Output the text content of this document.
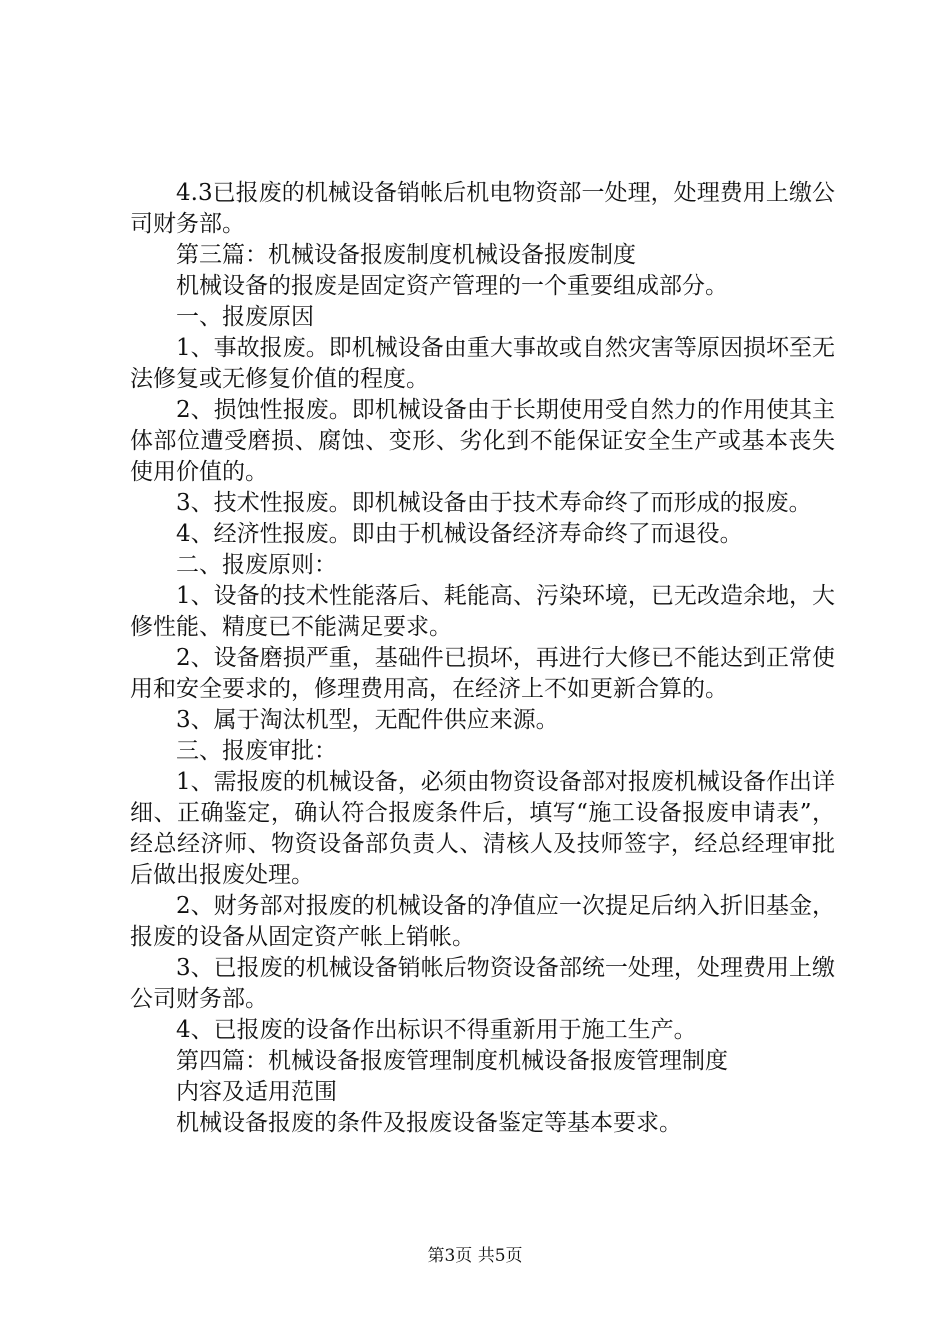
4.3已报废的机械设备销帐后机电物资部一处理，处理费用上缴公司财务部。

第三篇：机械设备报废制度机械设备报废制度

机械设备的报废是固定资产管理的一个重要组成部分。

一、报废原因

1、事故报废。即机械设备由重大事故或自然灾害等原因损坏至无法修复或无修复价值的程度。

2、损蚀性报废。即机械设备由于长期使用受自然力的作用使其主体部位遭受磨损、腐蚀、变形、劣化到不能保证安全生产或基本丧失使用价值的。

3、技术性报废。即机械设备由于技术寿命终了而形成的报废。

4、经济性报废。即由于机械设备经济寿命终了而退役。

二、报废原则：

1、设备的技术性能落后、耗能高、污染环境，已无改造余地，大修性能、精度已不能满足要求。

2、设备磨损严重，基础件已损坏，再进行大修已不能达到正常使用和安全要求的，修理费用高，在经济上不如更新合算的。

3、属于淘汰机型，无配件供应来源。

三、报废审批：

1、需报废的机械设备，必须由物资设备部对报废机械设备作出详细、正确鉴定，确认符合报废条件后，填写“施工设备报废申请表”，经总经济师、物资设备部负责人、清核人及技师签字，经总经理审批后做出报废处理。

2、财务部对报废的机械设备的净值应一次提足后纳入折旧基金，报废的设备从固定资产帐上销帐。

3、已报废的机械设备销帐后物资设备部统一处理，处理费用上缴公司财务部。

4、已报废的设备作出标识不得重新用于施工生产。

第四篇：机械设备报废管理制度机械设备报废管理制度

内容及适用范围

机械设备报废的条件及报废设备鉴定等基本要求。

第3页 共5页
